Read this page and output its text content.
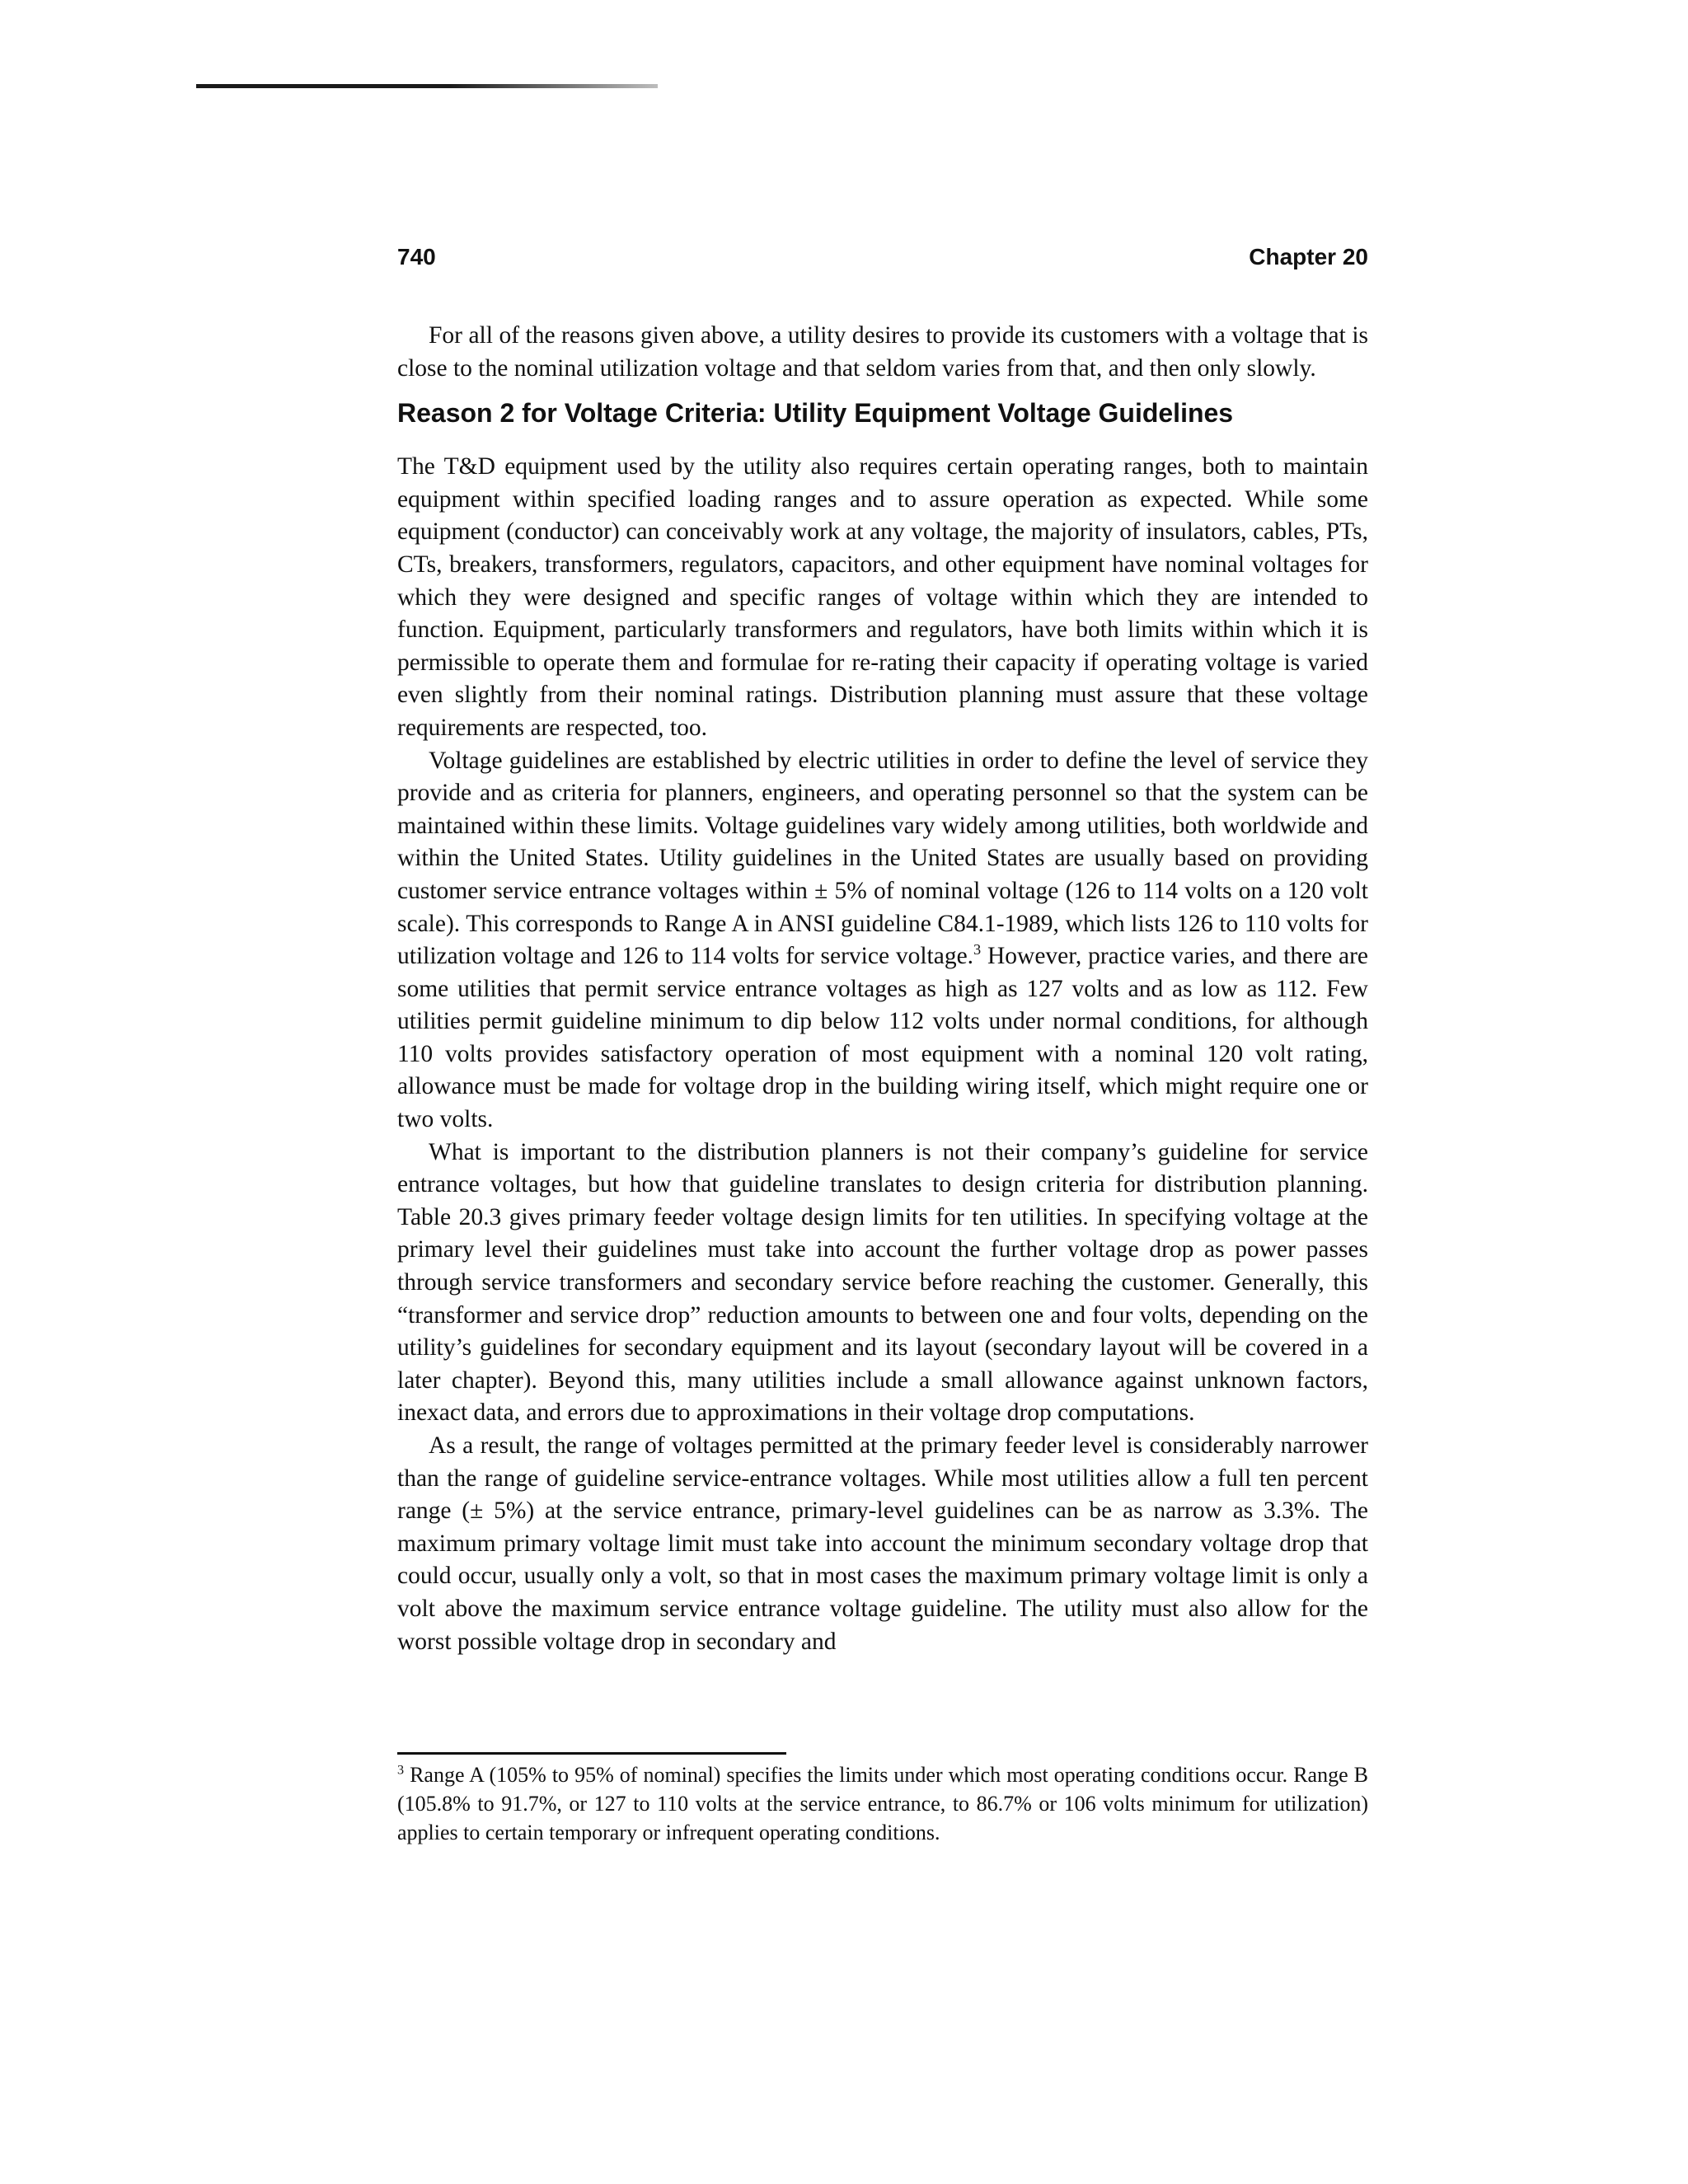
740	Chapter 20

For all of the reasons given above, a utility desires to provide its customers with a voltage that is close to the nominal utilization voltage and that seldom varies from that, and then only slowly.

Reason 2 for Voltage Criteria: Utility Equipment Voltage Guidelines

The T&D equipment used by the utility also requires certain operating ranges, both to maintain equipment within specified loading ranges and to assure operation as expected. While some equipment (conductor) can conceivably work at any voltage, the majority of insulators, cables, PTs, CTs, breakers, transformers, regulators, capacitors, and other equipment have nominal voltages for which they were designed and specific ranges of voltage within which they are intended to function. Equipment, particularly transformers and regulators, have both limits within which it is permissible to operate them and formulae for re-rating their capacity if operating voltage is varied even slightly from their nominal ratings. Distribution planning must assure that these voltage requirements are respected, too.

Voltage guidelines are established by electric utilities in order to define the level of service they provide and as criteria for planners, engineers, and operating personnel so that the system can be maintained within these limits. Voltage guidelines vary widely among utilities, both worldwide and within the United States. Utility guidelines in the United States are usually based on providing customer service entrance voltages within ± 5% of nominal voltage (126 to 114 volts on a 120 volt scale). This corresponds to Range A in ANSI guideline C84.1-1989, which lists 126 to 110 volts for utilization voltage and 126 to 114 volts for service voltage.$^3$ However, practice varies, and there are some utilities that permit service entrance voltages as high as 127 volts and as low as 112. Few utilities permit guideline minimum to dip below 112 volts under normal conditions, for although 110 volts provides satisfactory operation of most equipment with a nominal 120 volt rating, allowance must be made for voltage drop in the building wiring itself, which might require one or two volts.

What is important to the distribution planners is not their company’s guideline for service entrance voltages, but how that guideline translates to design criteria for distribution planning. Table 20.3 gives primary feeder voltage design limits for ten utilities. In specifying voltage at the primary level their guidelines must take into account the further voltage drop as power passes through service transformers and secondary service before reaching the customer. Generally, this “transformer and service drop” reduction amounts to between one and four volts, depending on the utility’s guidelines for secondary equipment and its layout (secondary layout will be covered in a later chapter). Beyond this, many utilities include a small allowance against unknown factors, inexact data, and errors due to approximations in their voltage drop computations.

As a result, the range of voltages permitted at the primary feeder level is considerably narrower than the range of guideline service-entrance voltages. While most utilities allow a full ten percent range (± 5%) at the service entrance, primary-level guidelines can be as narrow as 3.3%. The maximum primary voltage limit must take into account the minimum secondary voltage drop that could occur, usually only a volt, so that in most cases the maximum primary voltage limit is only a volt above the maximum service entrance voltage guideline. The utility must also allow for the worst possible voltage drop in secondary and

$^3$ Range A (105% to 95% of nominal) specifies the limits under which most operating conditions occur. Range B (105.8% to 91.7%, or 127 to 110 volts at the service entrance, to 86.7% or 106 volts minimum for utilization) applies to certain temporary or infrequent operating conditions.
